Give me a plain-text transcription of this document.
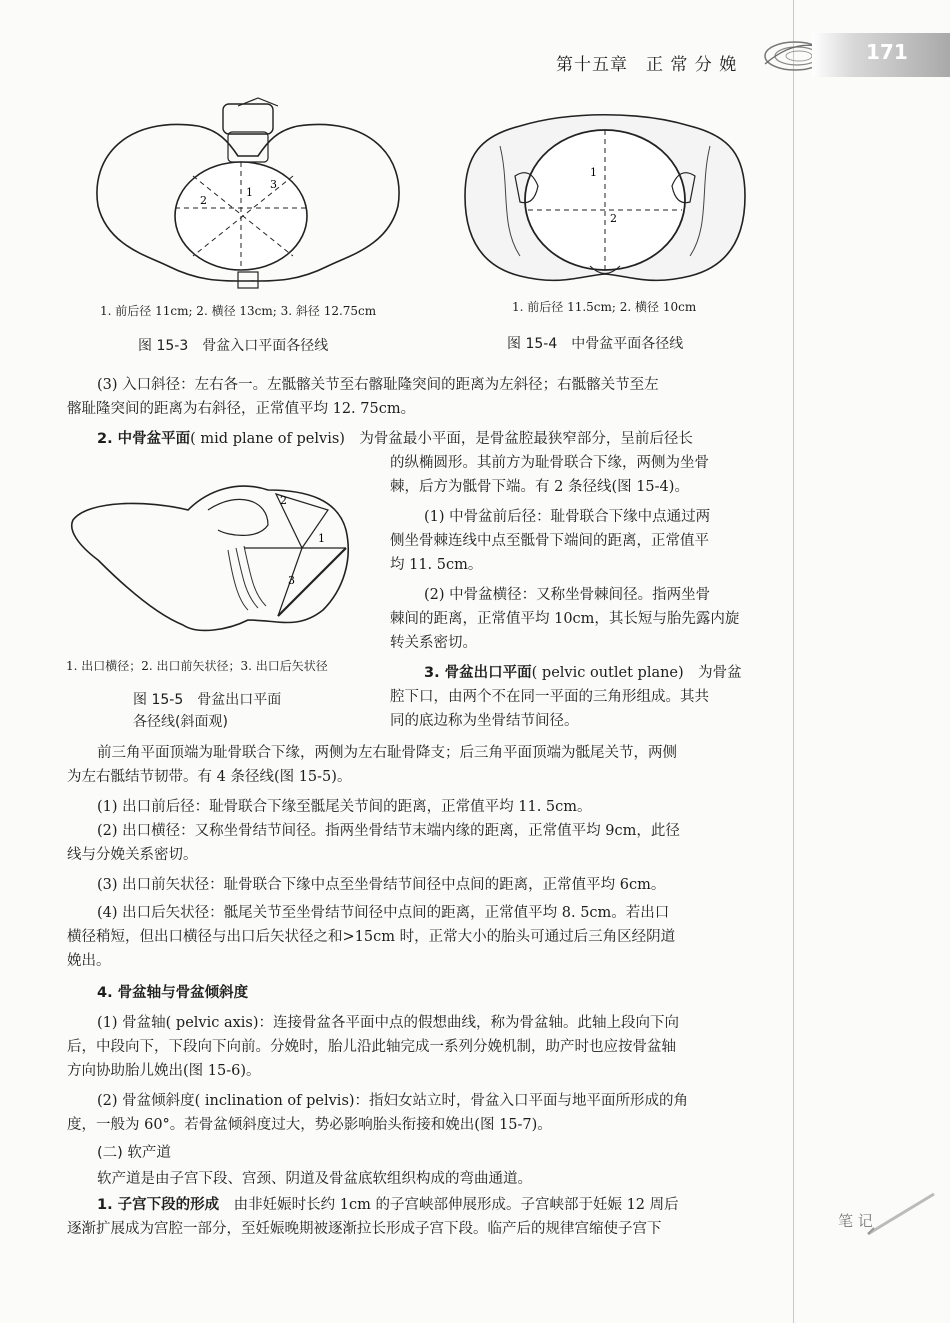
第十五章　正 常 分 娩
171
1
2
3
1. 前后径 11cm; 2. 横径 13cm; 3. 斜径 12.75cm
图 15-3　骨盆入口平面各径线
1
2
1. 前后径 11.5cm; 2. 横径 10cm
图 15-4　中骨盆平面各径线
(3) 入口斜径：左右各一。左骶髂关节至右髂耻隆突间的距离为左斜径；右骶髂关节至左
髂耻隆突间的距离为右斜径，正常值平均 12. 75cm。
2. 中骨盆平面( mid plane of pelvis)　为骨盆最小平面，是骨盆腔最狭窄部分，呈前后径长
1
2
3
1. 出口横径；2. 出口前矢状径；3. 出口后矢状径
图 15-5　骨盆出口平面
各径线(斜面观)
的纵椭圆形。其前方为耻骨联合下缘，两侧为坐骨
棘，后方为骶骨下端。有 2 条径线(图 15-4)。
(1) 中骨盆前后径：耻骨联合下缘中点通过两
侧坐骨棘连线中点至骶骨下端间的距离，正常值平
均 11. 5cm。
(2) 中骨盆横径：又称坐骨棘间径。指两坐骨
棘间的距离，正常值平均 10cm，其长短与胎先露内旋
转关系密切。
3. 骨盆出口平面( pelvic outlet plane)　为骨盆
腔下口，由两个不在同一平面的三角形组成。其共
同的底边称为坐骨结节间径。
前三角平面顶端为耻骨联合下缘，两侧为左右耻骨降支；后三角平面顶端为骶尾关节，两侧
为左右骶结节韧带。有 4 条径线(图 15-5)。
(1) 出口前后径：耻骨联合下缘至骶尾关节间的距离，正常值平均 11. 5cm。
(2) 出口横径：又称坐骨结节间径。指两坐骨结节末端内缘的距离，正常值平均 9cm，此径
线与分娩关系密切。
(3) 出口前矢状径：耻骨联合下缘中点至坐骨结节间径中点间的距离，正常值平均 6cm。
(4) 出口后矢状径：骶尾关节至坐骨结节间径中点间的距离，正常值平均 8. 5cm。若出口
横径稍短，但出口横径与出口后矢状径之和>15cm 时，正常大小的胎头可通过后三角区经阴道
娩出。
4. 骨盆轴与骨盆倾斜度
(1) 骨盆轴( pelvic axis)：连接骨盆各平面中点的假想曲线，称为骨盆轴。此轴上段向下向
后，中段向下，下段向下向前。分娩时，胎儿沿此轴完成一系列分娩机制，助产时也应按骨盆轴
方向协助胎儿娩出(图 15-6)。
(2) 骨盆倾斜度( inclination of pelvis)：指妇女站立时，骨盆入口平面与地平面所形成的角
度，一般为 60°。若骨盆倾斜度过大，势必影响胎头衔接和娩出(图 15-7)。
(二) 软产道
软产道是由子宫下段、宫颈、阴道及骨盆底软组织构成的弯曲通道。
1. 子宫下段的形成　由非妊娠时长约 1cm 的子宫峡部伸展形成。子宫峡部于妊娠 12 周后
逐渐扩展成为宫腔一部分，至妊娠晚期被逐渐拉长形成子宫下段。临产后的规律宫缩使子宫下	笔 记
